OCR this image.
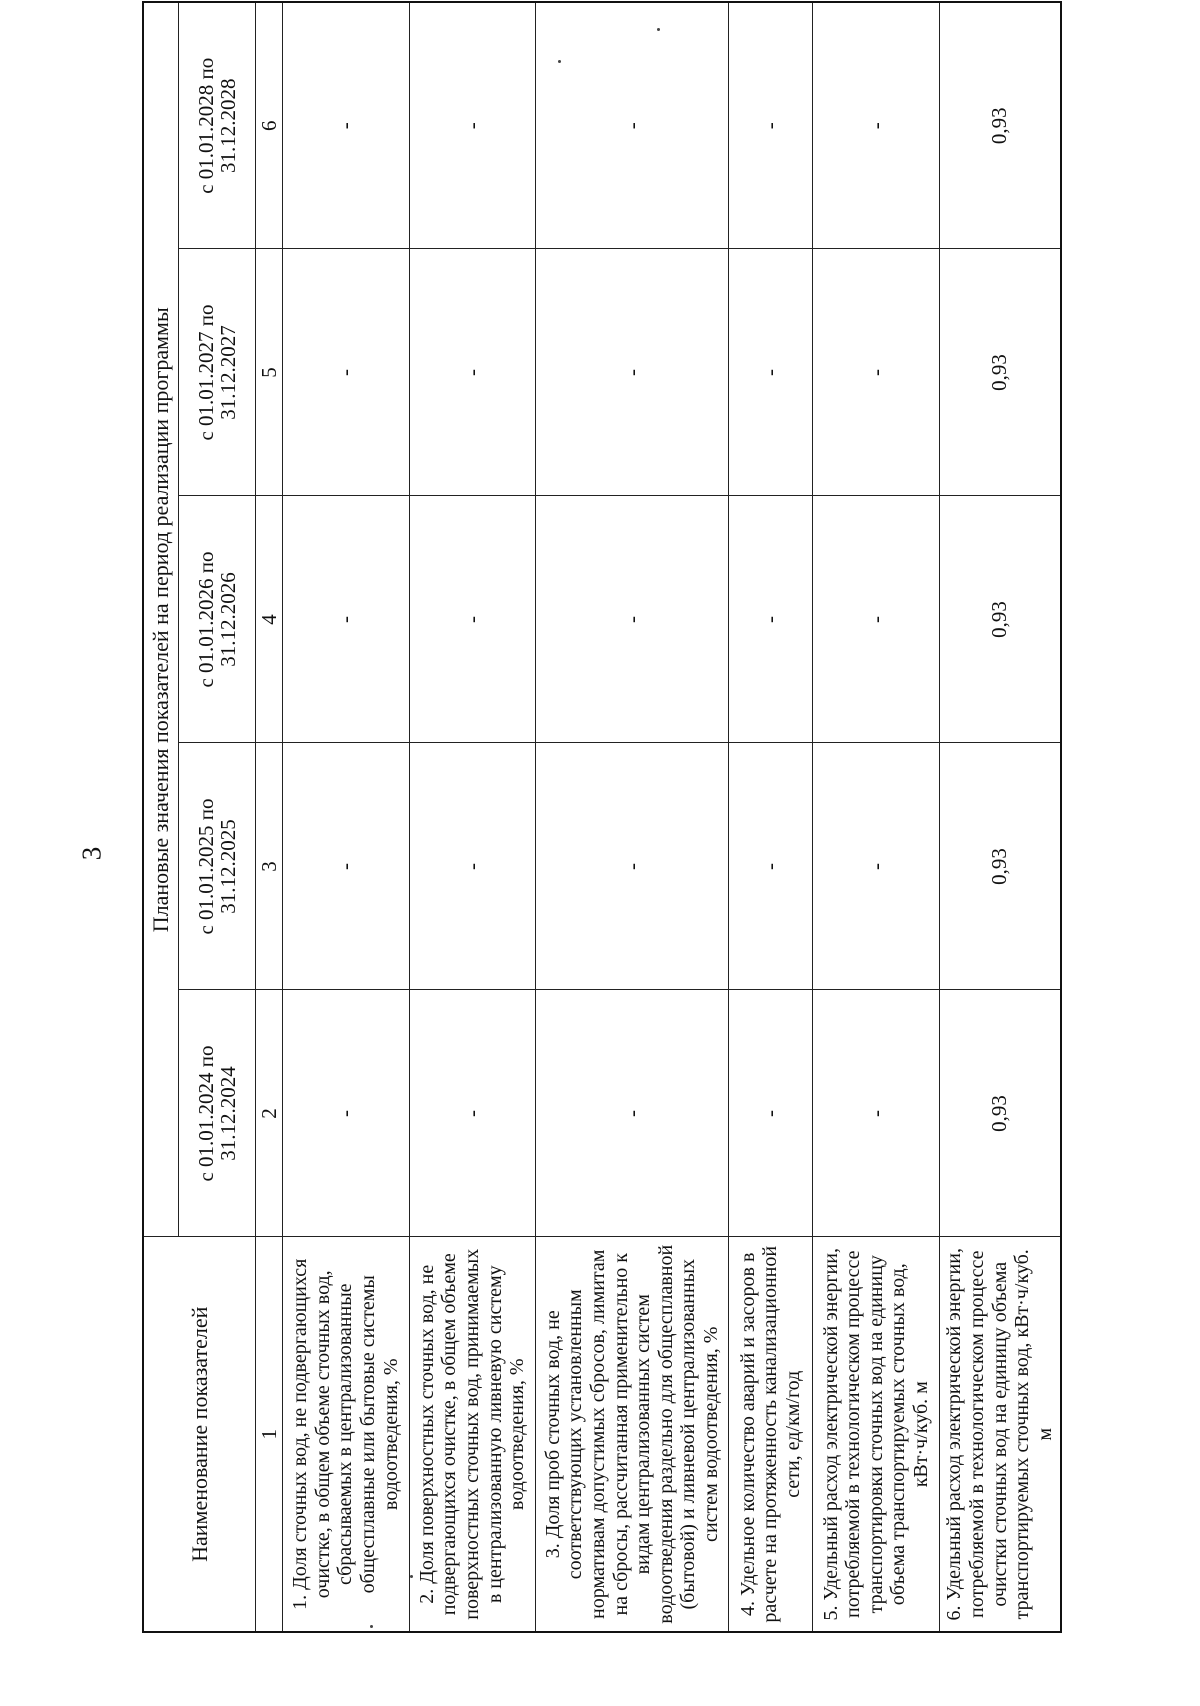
3
Наименование показателей	Плановые значения показателей на период реализации программы				
	с 01.01.2024 по 31.12.2024	с 01.01.2025 по 31.12.2025	с 01.01.2026 по 31.12.2026	с 01.01.2027 по 31.12.2027	с 01.01.2028 по 31.12.2028
1	2	3	4	5	6
1. Доля сточных вод, не подвергающихся очистке, в общем объеме сточных вод, сбрасываемых в централизованные общесплавные или бытовые системы водоотведения, %	-	-	-	-	-
2. Доля поверхностных сточных вод, не подвергающихся очистке, в общем объеме поверхностных сточных вод, принимаемых в централизованную ливневую систему водоотведения, %	-	-	-	-	-
3. Доля проб сточных вод, не соответствующих установленным нормативам допустимых сбросов, лимитам на сбросы, рассчитанная применительно к видам централизованных систем водоотведения раздельно для общесплавной (бытовой) и ливневой централизованных систем водоотведения, %	-	-	-	-	-
4. Удельное количество аварий и засоров в расчете на протяженность канализационной сети, ед/км/год	-	-	-	-	-
5. Удельный расход электрической энергии, потребляемой в технологическом процессе транспортировки сточных вод на единицу объема транспортируемых сточных вод, кВт·ч/куб. м	-	-	-	-	-
6. Удельный расход электрической энергии, потребляемой в технологическом процессе очистки сточных вод на единицу объема транспортируемых сточных вод, кВт·ч/куб. м	0,93	0,93	0,93	0,93	0,93
